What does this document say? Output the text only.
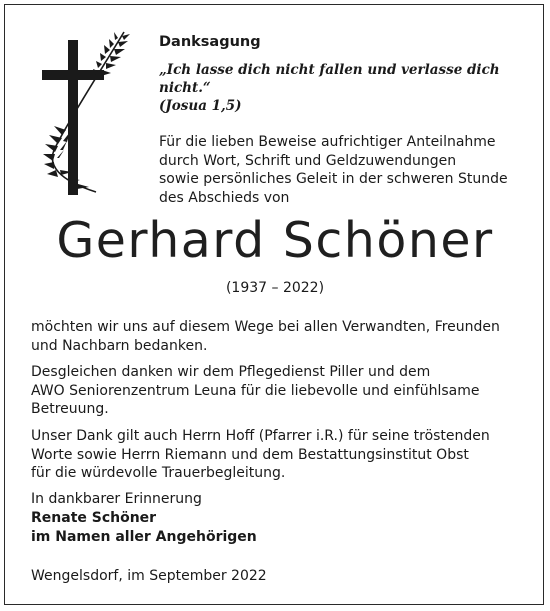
Danksagung

„Ich lasse dich nicht fallen und verlasse dich nicht.“

(Josua 1,5)

Für die lieben Beweise aufrichtiger Anteilnahme

durch Wort, Schrift und Geldzuwendungen

sowie persönliches Geleit in der schweren Stunde

des Abschieds von

Gerhard Schöner

(1937 – 2022)

möchten wir uns auf diesem Wege bei allen Verwandten, Freunden
und Nachbarn bedanken.
Desgleichen danken wir dem Pflegedienst Piller und dem
AWO Seniorenzentrum Leuna für die liebevolle und einfühlsame
Betreuung.
Unser Dank gilt auch Herrn Hoff (Pfarrer i.R.) für seine tröstenden
Worte sowie Herrn Riemann und dem Bestattungsinstitut Obst
für die würdevolle Trauerbegleitung.
In dankbarer Erinnerung
Renate Schöner
im Namen aller Angehörigen

Wengelsdorf, im September 2022
